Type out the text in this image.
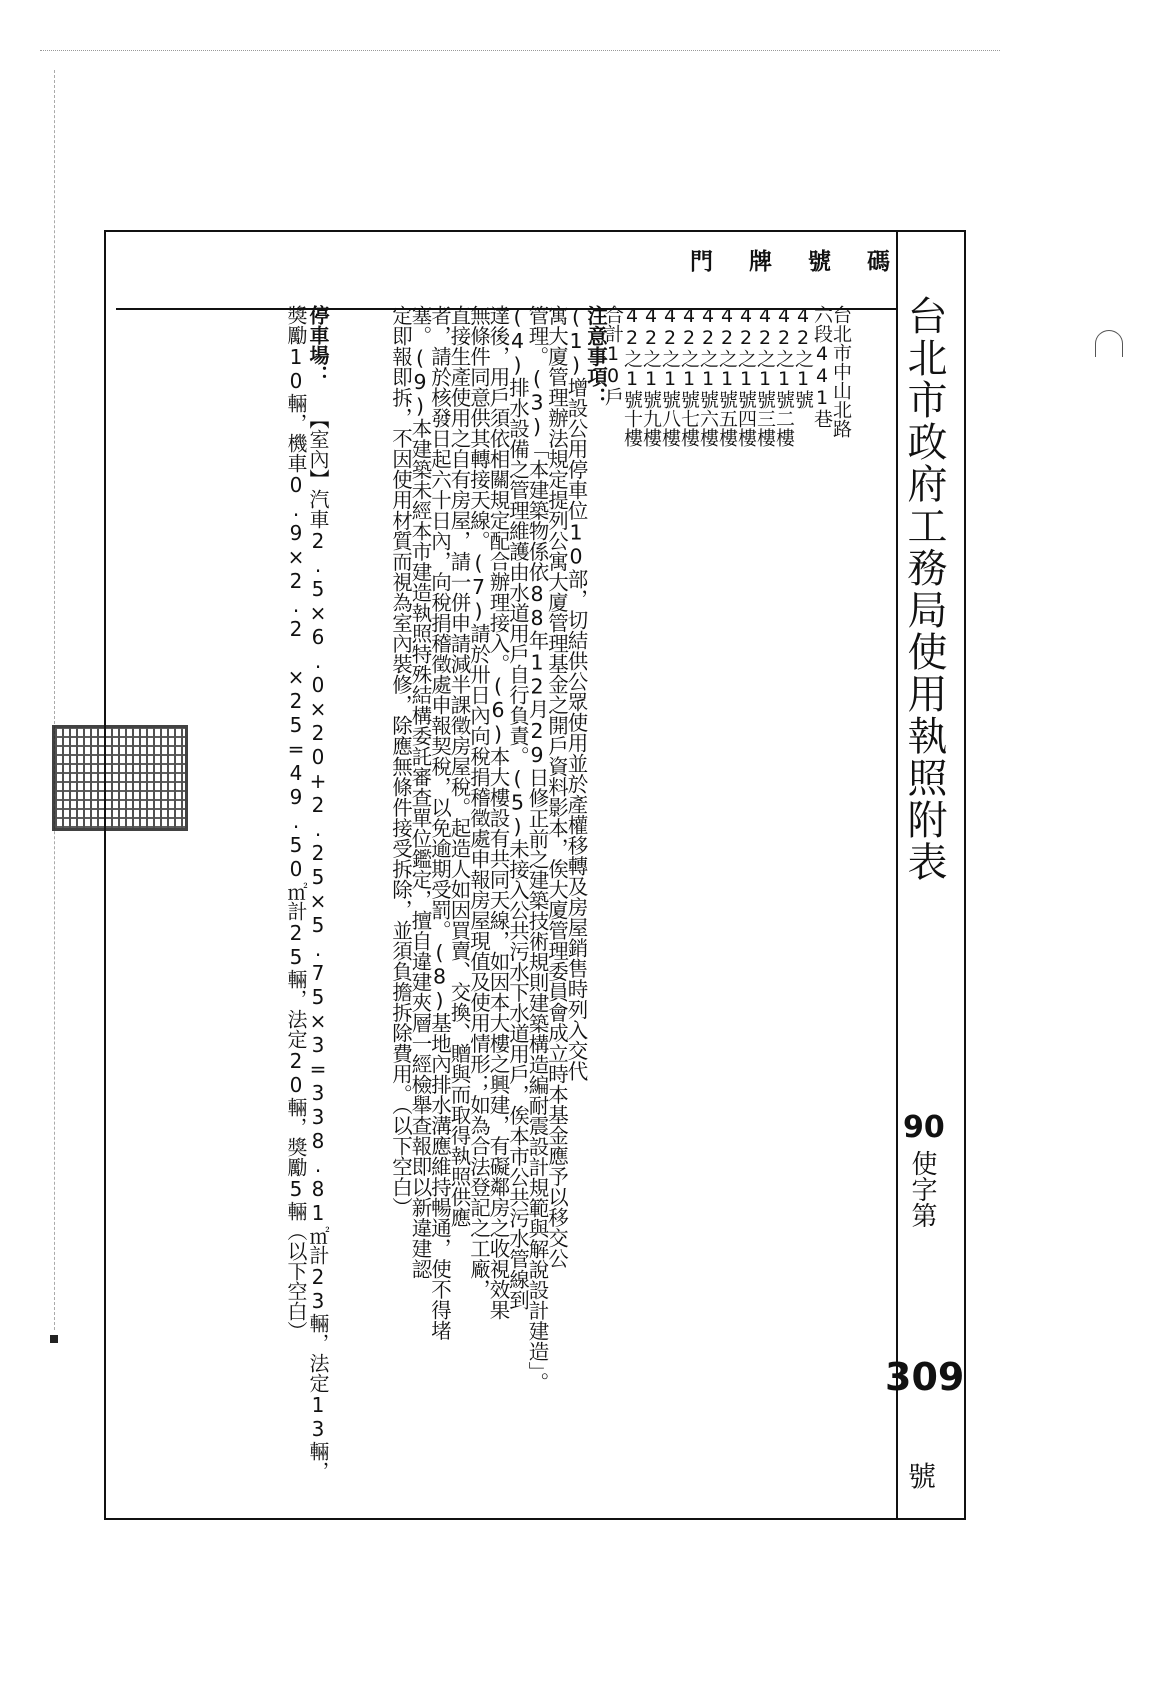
門 牌 號 碼
台北市政府工務局使用執照附表
90
使字第
309
號
台北市中山北路
六段441巷
42之1號
42之1號二樓
42之1號三樓
42之1號四樓
42之1號五樓
42之1號六樓
42之1號七樓
42之1號八樓
42之1號九樓
42之1號十樓
合計10戶
注意事項：
(1)增設公用停車位10部，切結供公眾使用並於產權移轉及房屋銷售時列入交代
寓大廈管理辦法規定提列公寓大廈管理基金之開戶資料影本，俟大廈管理委員會成立時本基金應予以移交公
管理。(3)「本建築物係依88年12月29日修正前之建築技術規則建築構造編耐震設計規範與解說設計建造」。
(4)排水設備之管理維護由水道用戶自行負責。(5)未接入公共污水下水道用戶，俟本市公共污水管線到
達後，用戶須依相關規定配合辦理接入。(6)本大樓設有共同天線，如因本大樓之興建，有礙鄰房之收視效果
無條件同意供其轉接天線。(7)請於卅日內向稅捐稽徵處申報房屋現值及使用情形；如為合法登記之工廠，
直接生產使用之自有房屋，請一併申請減半課徵房屋稅。起造人如因買賣、交換、贈與而取得執照供應
者，請於核發日起六十日內，向稅捐稽徵處申報契稅，以免逾期受罰。(8)基地內排水溝應維持暢通，使不得堵
塞。(9)本建築未經本市建造執照特殊結構委託審查單位鑑定，擅自違建夾層一經檢舉查報即以新違建認
定即報即拆，不因使用材質而視為室內裝修，除應無條件接受拆除，並須負擔拆除費用。（以下空白）
停車場： 【室內】汽車2.5×6.0×20+2.25×5.75×3=338.81㎡計23輛，法定13輛，獎勵10輛，機車0.9×2.2 ×25=49.50㎡計25輛，法定20輛，獎勵5輛（以下空白）
